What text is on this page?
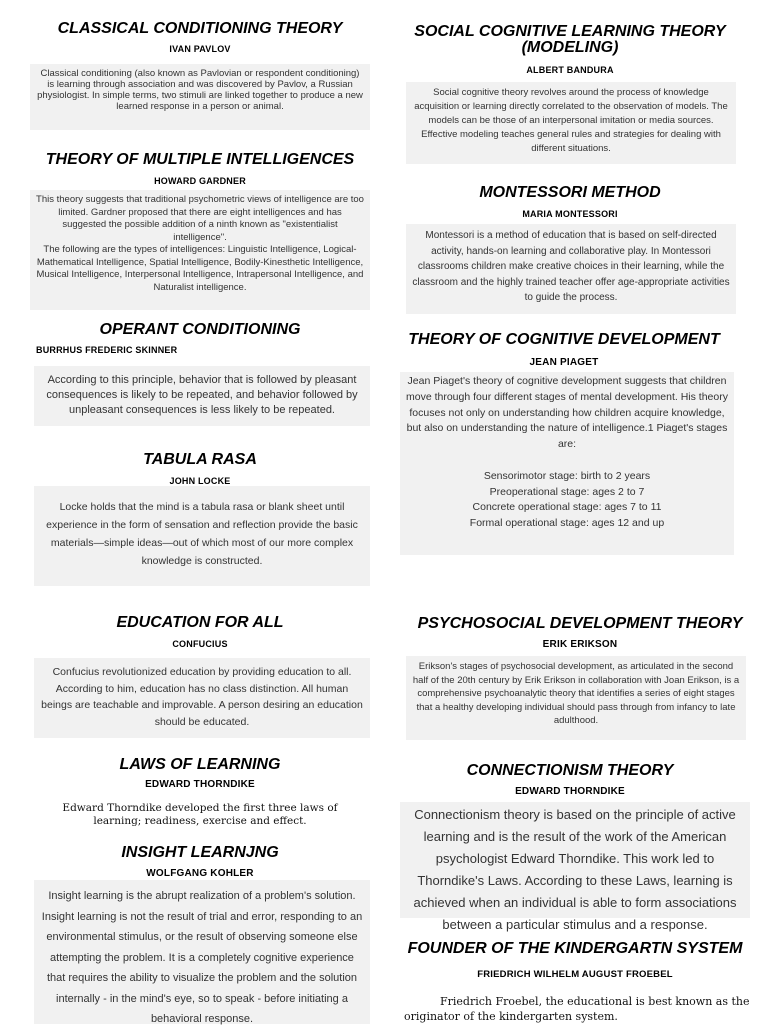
CLASSICAL CONDITIONING THEORY

IVAN PAVLOV

Classical conditioning (also known as Pavlovian or respondent conditioning) is learning through association and was discovered by Pavlov, a Russian physiologist. In simple terms, two stimuli are linked together to produce a new learned response in a person or animal.
THEORY OF MULTIPLE INTELLIGENCES

HOWARD GARDNER

This theory suggests that traditional psychometric views of intelligence are too limited. Gardner proposed that there are eight intelligences and has suggested the possible addition of a ninth known as "existentialist intelligence".
The following are the types of intelligences: Linguistic Intelligence, Logical-Mathematical Intelligence, Spatial Intelligence, Bodily-Kinesthetic Intelligence, Musical Intelligence, Interpersonal Intelligence, Intrapersonal Intelligence, and Naturalist intelligence.
OPERANT CONDITIONING

BURRHUS FREDERIC SKINNER

According to this principle, behavior that is followed by pleasant consequences is likely to be repeated, and behavior followed by unpleasant consequences is less likely to be repeated.
TABULA RASA

JOHN LOCKE

Locke holds that the mind is a tabula rasa or blank sheet until experience in the form of sensation and reflection provide the basic materials—simple ideas—out of which most of our more complex knowledge is constructed.
EDUCATION FOR ALL

CONFUCIUS

Confucius revolutionized education by providing education to all. According to him, education has no class distinction. All human beings are teachable and improvable. A person desiring an education should be educated.
LAWS OF LEARNING

EDWARD THORNDIKE

Edward Thorndike developed the first three laws of learning; readiness, exercise and effect.
INSIGHT LEARNJNG

WOLFGANG KOHLER

Insight learning is the abrupt realization of a problem's solution. Insight learning is not the result of trial and error, responding to an environmental stimulus, or the result of observing someone else attempting the problem. It is a completely cognitive experience that requires the ability to visualize the problem and the solution internally - in the mind's eye, so to speak - before initiating a behavioral response.
SOCIAL COGNITIVE LEARNING THEORY (MODELING)

ALBERT BANDURA

Social cognitive theory revolves around the process of knowledge acquisition or learning directly correlated to the observation of models. The models can be those of an interpersonal imitation or media sources. Effective modeling teaches general rules and strategies for dealing with different situations.
MONTESSORI METHOD

MARIA MONTESSORI

Montessori is a method of education that is based on self-directed activity, hands-on learning and collaborative play. In Montessori classrooms children make creative choices in their learning, while the classroom and the highly trained teacher offer age-appropriate activities to guide the process.
THEORY OF COGNITIVE DEVELOPMENT

JEAN PIAGET

Jean Piaget's theory of cognitive development suggests that children move through four different stages of mental development. His theory focuses not only on understanding how children acquire knowledge, but also on understanding the nature of intelligence.1 Piaget's stages are:

Sensorimotor stage: birth to 2 years
Preoperational stage: ages 2 to 7
Concrete operational stage: ages 7 to 11
Formal operational stage: ages 12 and up
PSYCHOSOCIAL DEVELOPMENT THEORY

ERIK ERIKSON

Erikson's stages of psychosocial development, as articulated in the second half of the 20th century by Erik Erikson in collaboration with Joan Erikson, is a comprehensive psychoanalytic theory that identifies a series of eight stages that a healthy developing individual should pass through from infancy to late adulthood.
CONNECTIONISM THEORY

EDWARD THORNDIKE

Connectionism theory is based on the principle of active learning and is the result of the work of the American psychologist Edward Thorndike. This work led to Thorndike's Laws. According to these Laws, learning is achieved when an individual is able to form associations between a particular stimulus and a response.
FOUNDER OF THE KINDERGARTN SYSTEM

FRIEDRICH WILHELM AUGUST FROEBEL

Friedrich Froebel, the educational is best known as the originator of the kindergarten system.
